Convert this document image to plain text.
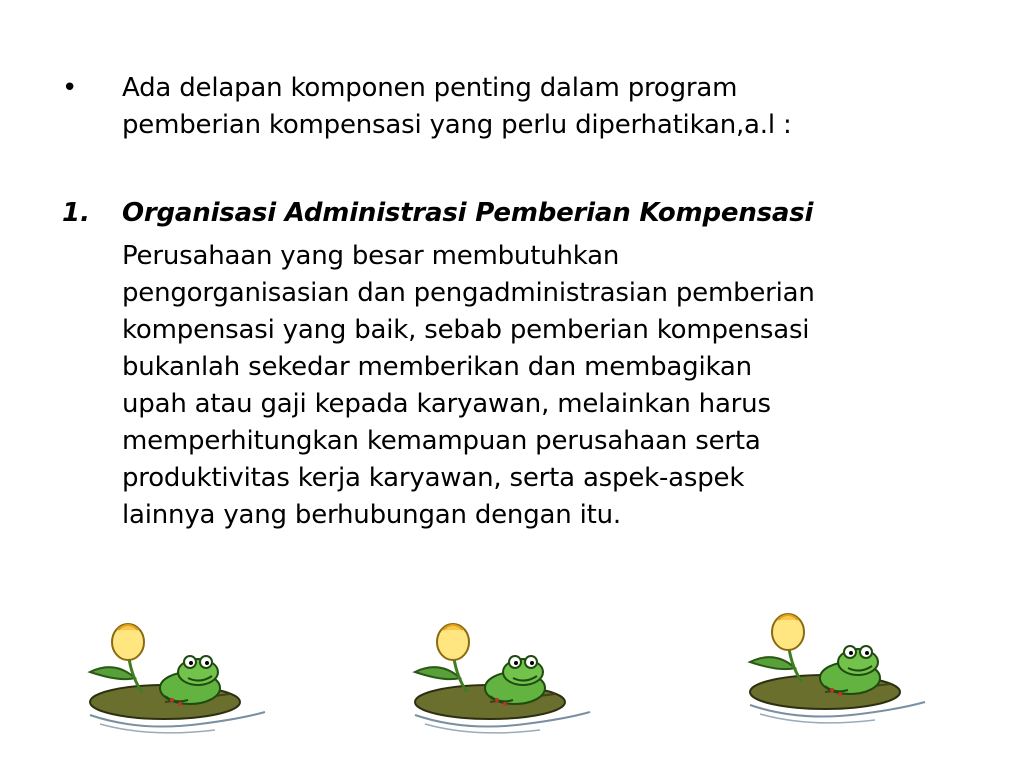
• Ada delapan komponen penting dalam program
pemberian kompensasi yang perlu diperhatikan,a.l :
1. Organisasi Administrasi Pemberian Kompensasi
Perusahaan yang besar membutuhkan
pengorganisasian dan pengadministrasian pemberian
kompensasi yang baik, sebab pemberian kompensasi
bukanlah sekedar memberikan dan membagikan
upah atau gaji kepada karyawan, melainkan harus
memperhitungkan kemampuan perusahaan serta
produktivitas kerja karyawan, serta aspek-aspek
lainnya yang berhubungan dengan itu.
